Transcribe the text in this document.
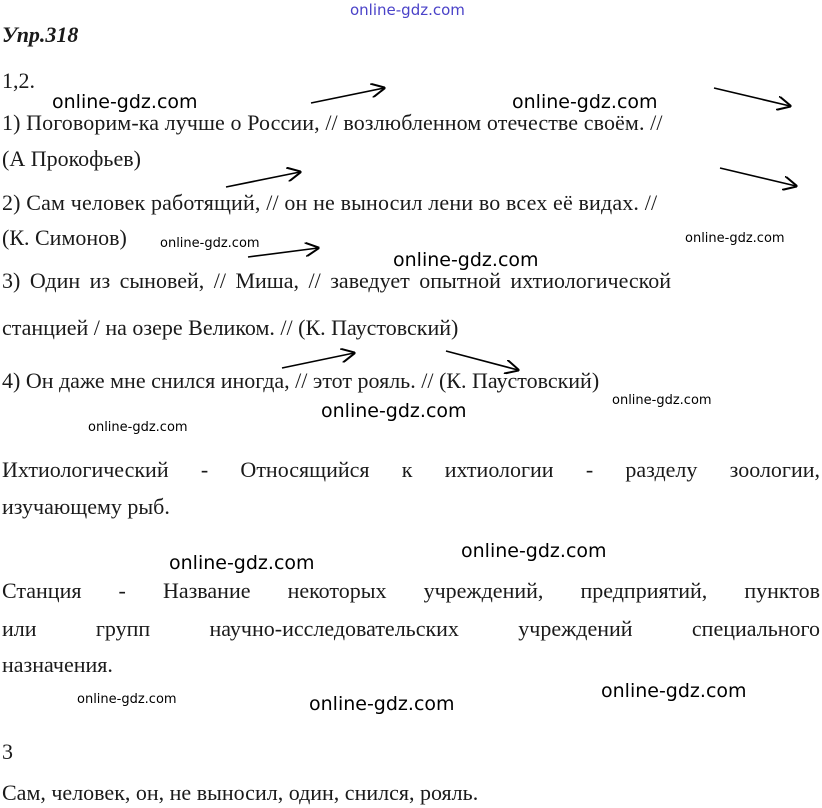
online-gdz.com
Упр.318
1,2.
1) Поговорим-ка лучше о России, // возлюбленном отечестве своём. //
(А Прокофьев)
2) Сам человек работящий, // он не выносил лени во всех её видах. //
(К. Симонов)
3) Один из сыновей, // Миша, // заведует опытной ихтиологической
станцией / на озере Великом. // (К. Паустовский)
4) Он даже мне снился иногда, // этот рояль. // (К. Паустовский)
Ихтиологический - Относящийся к ихтиологии - разделу зоологии,
изучающему рыб.
Станция - Название некоторых учреждений, предприятий, пунктов
или групп научно-исследовательских учреждений специального
назначения.
3
Сам, человек, он, не выносил, один, снился, рояль.
online-gdz.com	online-gdz.com
online-gdz.com	online-gdz.com
online-gdz.com
online-gdz.com
online-gdz.com
online-gdz.com
online-gdz.com
online-gdz.com
online-gdz.com
online-gdz.com	online-gdz.com
